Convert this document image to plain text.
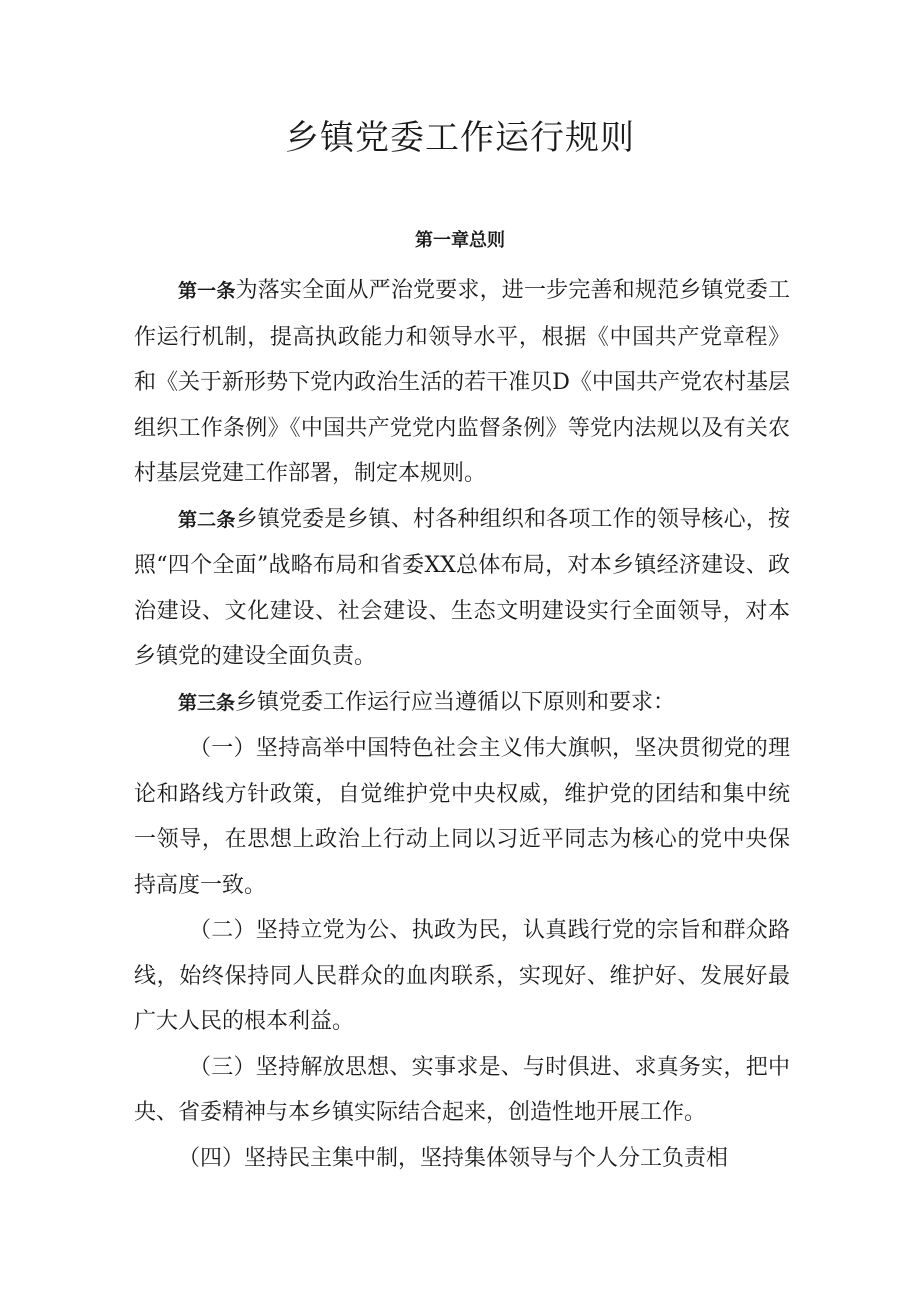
乡镇党委工作运行规则
第一章总则

第一条为落实全面从严治党要求，进一步完善和规范乡镇党委工作运行机制，提高执政能力和领导水平，根据《中国共产党章程》和《关于新形势下党内政治生活的若干准贝D《中国共产党农村基层组织工作条例》《中国共产党党内监督条例》等党内法规以及有关农村基层党建工作部署，制定本规则。

第二条乡镇党委是乡镇、村各种组织和各项工作的领导核心，按照“四个全面”战略布局和省委XX总体布局，对本乡镇经济建设、政治建设、文化建设、社会建设、生态文明建设实行全面领导，对本乡镇党的建设全面负责。

第三条乡镇党委工作运行应当遵循以下原则和要求：

（一）坚持高举中国特色社会主义伟大旗帜，坚决贯彻党的理论和路线方针政策，自觉维护党中央权威，维护党的团结和集中统一领导，在思想上政治上行动上同以习近平同志为核心的党中央保持高度一致。

（二）坚持立党为公、执政为民，认真践行党的宗旨和群众路线，始终保持同人民群众的血肉联系，实现好、维护好、发展好最广大人民的根本利益。

（三）坚持解放思想、实事求是、与时俱进、求真务实，把中央、省委精神与本乡镇实际结合起来，创造性地开展工作。

（四）坚持民主集中制，坚持集体领导与个人分工负责相
